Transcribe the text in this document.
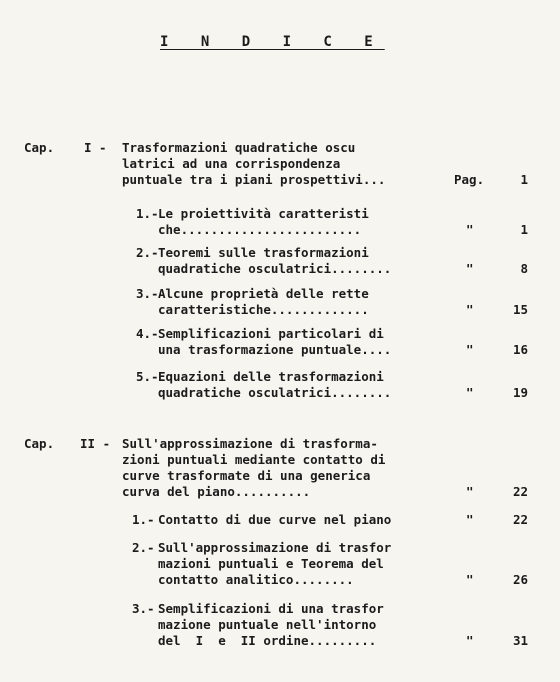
I N D I C E
Cap. I - Trasformazioni quadratiche oscu
latrici ad una corrispondenza
puntuale tra i piani prospettivi...	Pag.	1
1.- Le proiettività caratteristi
che........................	"	1
2.- Teoremi sulle trasformazioni
quadratiche osculatrici........	"	8
3.- Alcune proprietà delle rette
caratteristiche.............	"	15
4.- Semplificazioni particolari di
una trasformazione puntuale....	"	16
5.- Equazioni delle trasformazioni
quadratiche osculatrici........	"	19
Cap. II - Sull'approssimazione di trasforma-
zioni puntuali mediante contatto di
curve trasformate di una generica
curva del piano..........	"	22
1.- Contatto di due curve nel piano	"	22
2.- Sull'approssimazione di trasfor
mazioni puntuali e Teorema del
contatto analitico........	"	26
3.- Semplificazioni di una trasfor
mazione puntuale nell'intorno
del  I  e  II ordine.........	"	31
